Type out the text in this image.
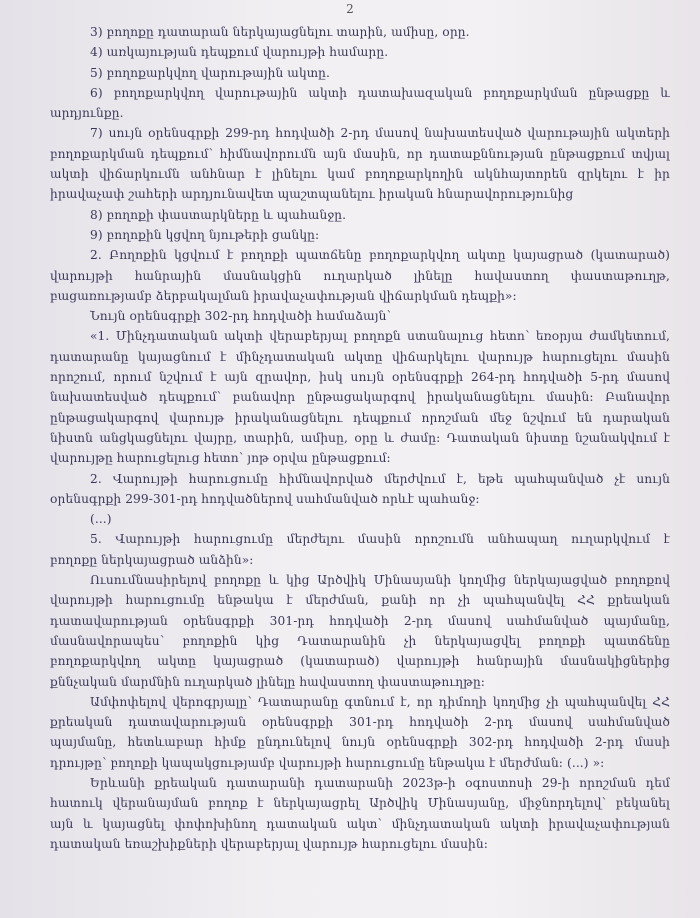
2
3) բողոքը դատարան ներկայացնելու տարին, ամիսը, օրը.
4) առկայության դեպքում վարույթի համարը.
5) բողոքարկվող վարութային ակտը.
6) բողոքարկվող վարութային ակտի դատախազական բողոքարկման ընթացքը և
արդյունքը.
7) սույն օրենսգրքի 299-րդ հոդվածի 2-րդ մասով նախատեսված վարութային ակտերի
բողոքարկման դեպքում՝ հիմնավորումն այն մասին, որ դատաքննության ընթացքում տվյալ
ակտի վիճարկումն անհնար է լինելու կամ բողոքարկողին ակնհայտորեն զրկելու է իր
իրավաչափ շահերի արդյունավետ պաշտպանելու իրական հնարավորությունից
8) բողոքի փաստարկները և պահանջը.
9) բողոքին կցվող նյութերի ցանկը:
2. Բողոքին կցվում է բողոքի պատճենը բողոքարկվող ակտը կայացրած (կատարած)
վարույթի հանրային մասնակցին ուղարկած լինելը հավաստող փաստաթուղթ,
բացառությամբ ձերբակալման իրավաչափության վիճարկման դեպքի»:
Նույն օրենսգրքի 302-րդ հոդվածի համաձայն՝
«1. Մինչդատական ակտի վերաբերյալ բողոքն ստանալուց հետո՝ եռօրյա ժամկետում,
դատարանը կայացնում է մինչդատական ակտը վիճարկելու վարույթ հարուցելու մասին
որոշում, որում նշվում է այն զրավոր, իսկ սույն օրենսգրքի 264-րդ հոդվածի 5-րդ մասով
նախատեսված դեպքում՝ բանավոր ընթացակարգով իրականացնելու մասին: Բանավոր
ընթացակարգով վարույթ իրականացնելու դեպքում որոշման մեջ նշվում են դարական
նիստն անցկացնելու վայրը, տարին, ամիսը, օրը և ժամը: Դատական նիստը նշանակվում է
վարույթը հարուցելուց հետո՝ յոթ օրվա ընթացքում:
2. Վարույթի հարուցումը հիմնավորված մերժվում է, եթե պահպանված չէ սույն
օրենսգրքի 299-301-րդ հոդվածներով սահմանված որևէ պահանջ:
(...)
5. Վարույթի հարուցումը մերժելու մասին որոշումն անհապաղ ուղարկվում է
բողոքը ներկայացրած անձին»:
Ուսումնասիրելով բողոքը և կից Արծվիկ Մինասյանի կողմից ներկայացված բողոքով
վարույթի հարուցումը ենթակա է մերժման, քանի որ չի պահպանվել ՀՀ քրեական
դատավարության օրենսգրքի 301-րդ հոդվածի 2-րդ մասով սահմանված պայմանը,
մասնավորապես՝ բողոքին կից Դատարանին չի ներկայացվել բողոքի պատճենը
բողոքարկվող ակտը կայացրած (կատարած) վարույթի հանրային մասնակիցներից
քննչական մարմնին ուղարկած լինելը հավաստող փաստաթուղթը:
Ամփոփելով վերոգրյալը՝ Դատարանը գտնում է, որ դիմողի կողմից չի պահպանվել ՀՀ
քրեական դատավարության օրենսգրքի 301-րդ հոդվածի 2-րդ մասով սահմանված
պայմանը, հետևաբար հիմք ընդունելով նույն օրենսգրքի 302-րդ հոդվածի 2-րդ մասի
դրույթը՝ բողոքի կապակցությամբ վարույթի հարուցումը ենթակա է մերժման: (...) »:
Երևանի քրեական դատարանի դատարանի 2023թ-ի օգոստոսի 29-ի որոշման դեմ
հատուկ վերանայման բողոք է ներկայացրել Արծվիկ Մինասյանը, միջնորդելով՝ բեկանել
այն և կայացնել փոփոխինող դատական ակտ՝ մինչդատական ակտի իրավաչափության
դատական եռաշխիքների վերաբերյալ վարույթ հարուցելու մասին:
